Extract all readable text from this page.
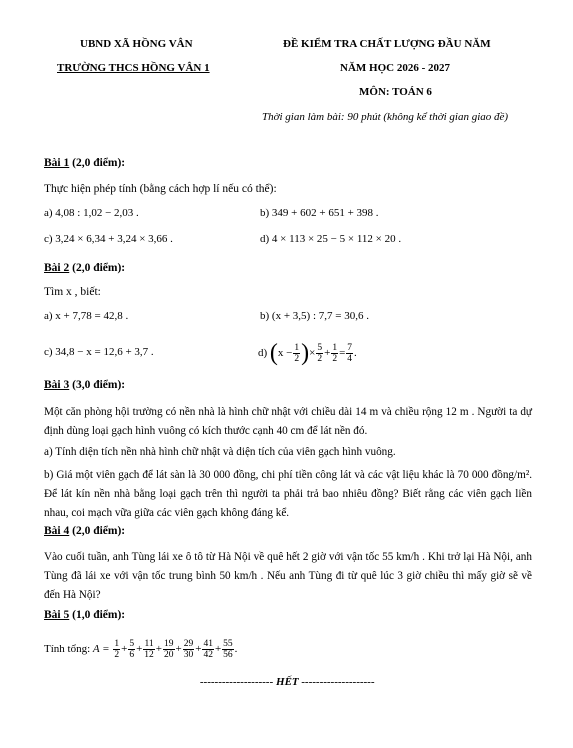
UBND XÃ HỒNG VÂN
TRƯỜNG THCS HỒNG VÂN 1
ĐỀ KIỂM TRA CHẤT LƯỢNG ĐẦU NĂM
NĂM HỌC 2026 - 2027
MÔN: TOÁN 6
Thời gian làm bài: 90 phút (không kể thời gian giao đề)
Bài 1 (2,0 điểm):
Thực hiện phép tính (bằng cách hợp lí nếu có thể):
a) 4,08 : 1,02 − 2,03 .	b) 349 + 602 + 651 + 398 .
c) 3,24 × 6,34 + 3,24 × 3,66 .	d) 4 × 113 × 25 − 5 × 112 × 20 .
Bài 2 (2,0 điểm):
Tìm x , biết:
a) x + 7,78 = 42,8 .	b) (x + 3,5) : 7,7 = 30,6 .
c) 34,8 − x = 12,6 + 3,7 .	d)
( $x - \frac{1}{2}$ ) × $\frac{5}{2} + \frac{1}{2} = \frac{7}{4}$ .
Bài 3 (3,0 điểm):
Một căn phòng hội trường có nền nhà là hình chữ nhật với chiều dài 14 m và chiều rộng 12 m . Người ta dự định dùng loại gạch hình vuông có kích thước cạnh 40 cm để lát nền đó.
a) Tính diện tích nền nhà hình chữ nhật và diện tích của viên gạch hình vuông.
b) Giá một viên gạch để lát sàn là 30 000 đồng, chi phí tiền công lát và các vật liệu khác là 70 000 đồng/m². Để lát kín nền nhà bằng loại gạch trên thì người ta phải trả bao nhiêu đồng? Biết rằng các viên gạch liền nhau, coi mạch vữa giữa các viên gạch không đáng kể.
Bài 4 (2,0 điểm):
Vào cuối tuần, anh Tùng lái xe ô tô từ Hà Nội về quê hết 2 giờ với vận tốc 55 km/h . Khi trở lại Hà Nội, anh Tùng đã lái xe với vận tốc trung bình 50 km/h . Nếu anh Tùng đi từ quê lúc 3 giờ chiều thì mấy giờ sẽ về đến Hà Nội?
Bài 5 (1,0 điểm):
Tính tổng:
A =
$\frac{1}{2} + \frac{5}{6} + \frac{11}{12} + \frac{19}{20} + \frac{29}{30} + \frac{41}{42} + \frac{55}{56}$ .
-------------------- HẾT --------------------
